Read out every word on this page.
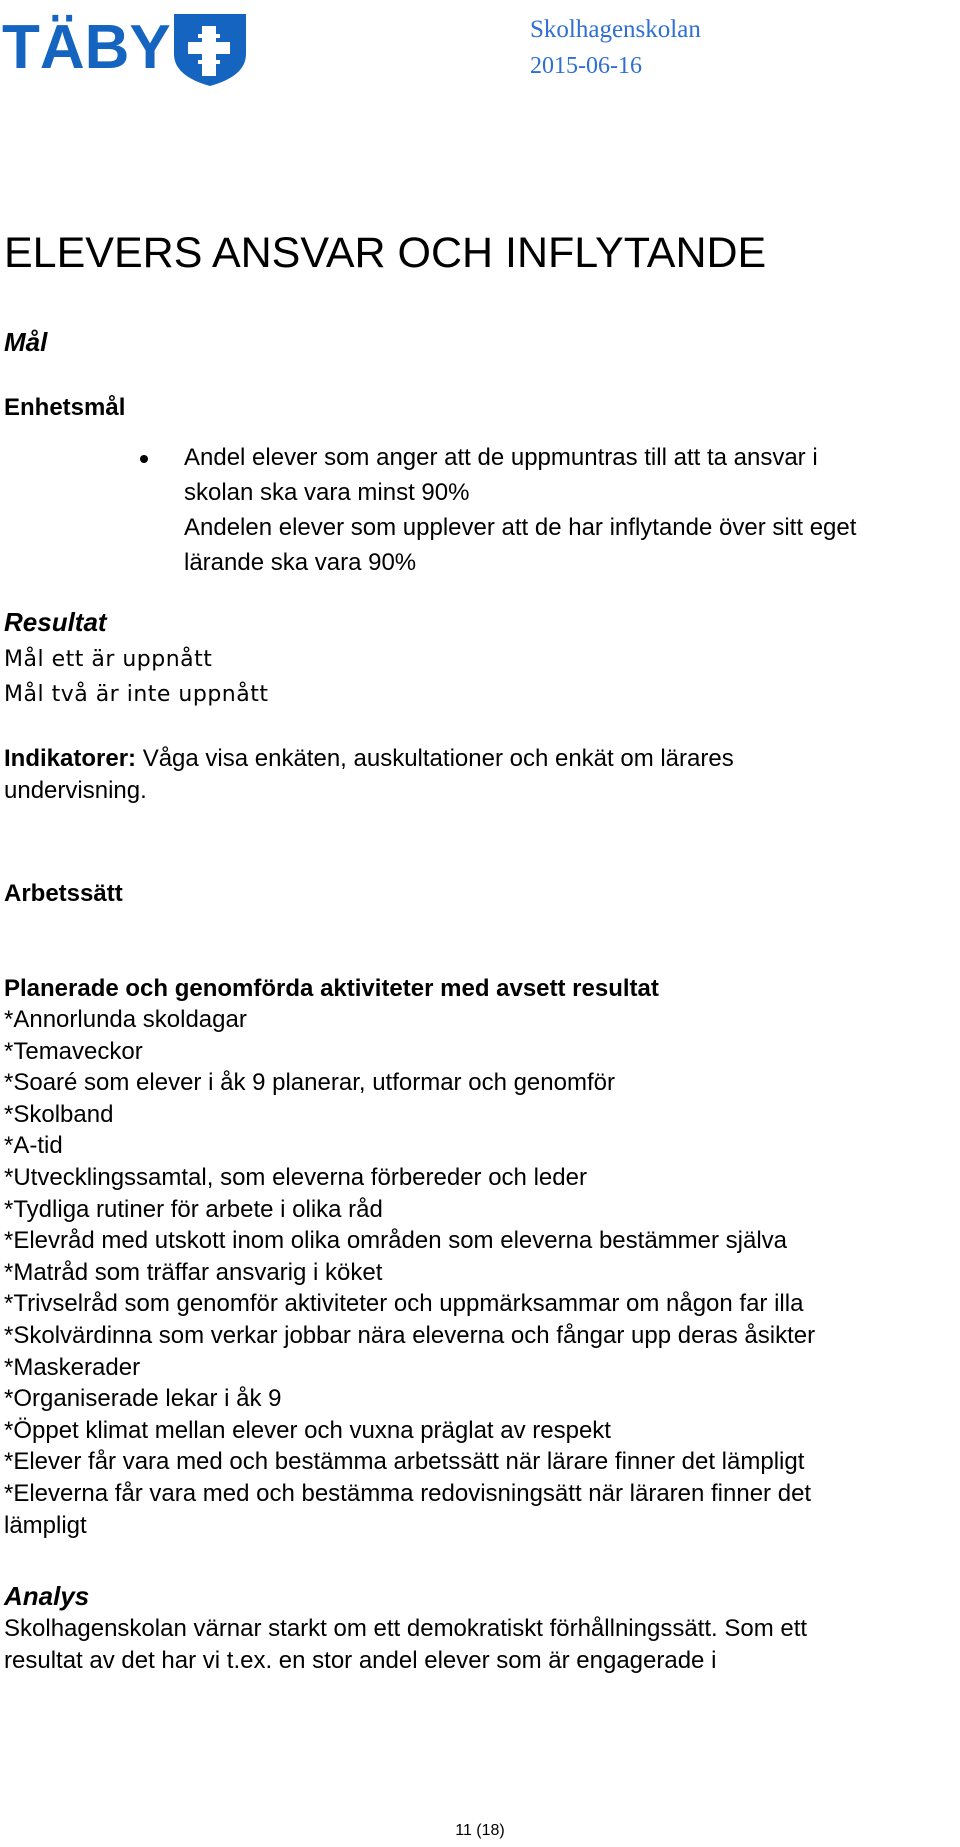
TÄBY	Skolhagenskolan
2015-06-16
ELEVERS ANSVAR OCH INFLYTANDE
Mål
Enhetsmål
Andel elever som anger att de uppmuntras till att ta ansvar i
skolan ska vara minst 90%
Andelen elever som upplever att de har inflytande över sitt eget
lärande ska vara 90%
Resultat
Mål ett är uppnått
Mål två är inte uppnått
Indikatorer: Våga visa enkäten, auskultationer och enkät om lärares
undervisning.
Arbetssätt
Planerade och genomförda aktiviteter med avsett resultat
*Annorlunda skoldagar
*Temaveckor
*Soaré som elever i åk 9 planerar, utformar och genomför
*Skolband
*A-tid
*Utvecklingssamtal, som eleverna förbereder och leder
*Tydliga rutiner för arbete i olika råd
*Elevråd med utskott inom olika områden som eleverna bestämmer själva
*Matråd som träffar ansvarig i köket
*Trivselråd som genomför aktiviteter och uppmärksammar om någon far illa
*Skolvärdinna som verkar jobbar nära eleverna och fångar upp deras åsikter
*Maskerader
*Organiserade lekar i åk 9
*Öppet klimat mellan elever och vuxna präglat av respekt
*Elever får vara med och bestämma arbetssätt när lärare finner det lämpligt
*Eleverna får vara med och bestämma redovisningsätt när läraren finner det
lämpligt
Analys
Skolhagenskolan värnar starkt om ett demokratiskt förhållningssätt. Som ett
resultat av det har vi t.ex. en stor andel elever som är engagerade i
11 (18)
